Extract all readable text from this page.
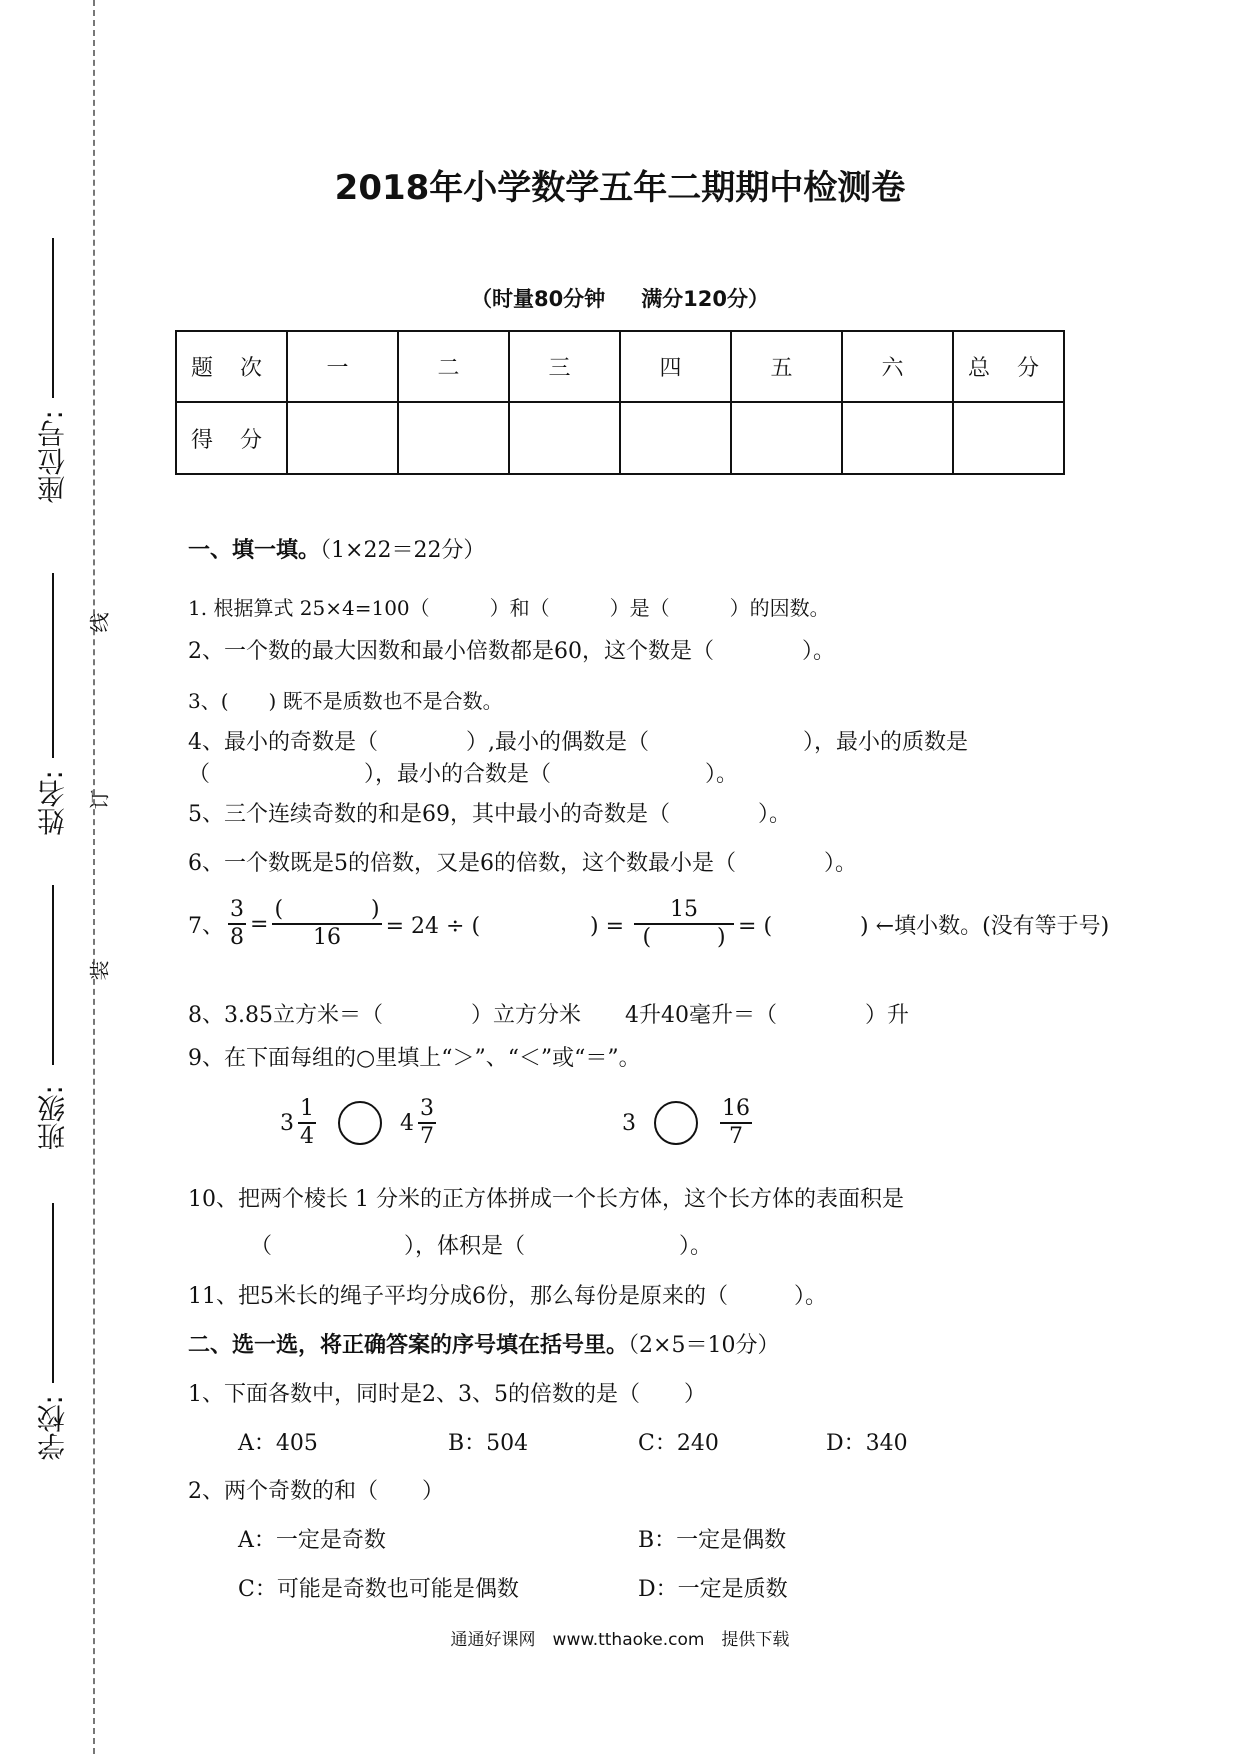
座位号:
姓名:
班级:
学校:
线
订
装
2018年小学数学五年二期期中检测卷
（时量80分钟 满分120分）
题 次	一	二	三	四	五	六	总 分
得 分							
一、填一填。（1×22＝22分）
1. 根据算式 25×4=100（　　　）和（　　　）是（　　　）的因数。
2、一个数的最大因数和最小倍数都是60，这个数是（　　　　）。
3、(　　) 既不是质数也不是合数。
4、最小的奇数是（　　　　）,最小的偶数是（　　　　　　　），最小的质数是
（　　　　　　　），最小的合数是（　　　　　　　）。
5、三个连续奇数的和是69，其中最小的奇数是（　　　　）。
6、一个数既是5的倍数，又是6的倍数，这个数最小是（　　　　）。
7、 $\frac{3}{8} = \frac{( )}{16} = 24$ ÷ (　　　　　) = $\frac{15}{( )}$ = (　　　　) ←填小数。(没有等于号)
8、3.85立方米＝（　　　　）立方分米　　4升40毫升＝（　　　　）升
9、在下面每组的○里填上“＞”、“＜”或“＝”。
$3 \frac{1}{4}$	$4 \frac{3}{7}$	3	$\frac{16}{7}$
10、把两个棱长 1 分米的正方体拼成一个长方体，这个长方体的表面积是
（　　　　　　），体积是（　　　　　　　）。
11、把5米长的绳子平均分成6份，那么每份是原来的（　　　）。
二、选一选，将正确答案的序号填在括号里。（2×5＝10分）
1、下面各数中，同时是2、3、5的倍数的是（　　）
A：405	B：504	C：240	D：340
2、两个奇数的和（　　）
A：一定是奇数	B：一定是偶数
C：可能是奇数也可能是偶数	D：一定是质数
通通好课网　www.tthaoke.com　提供下载
